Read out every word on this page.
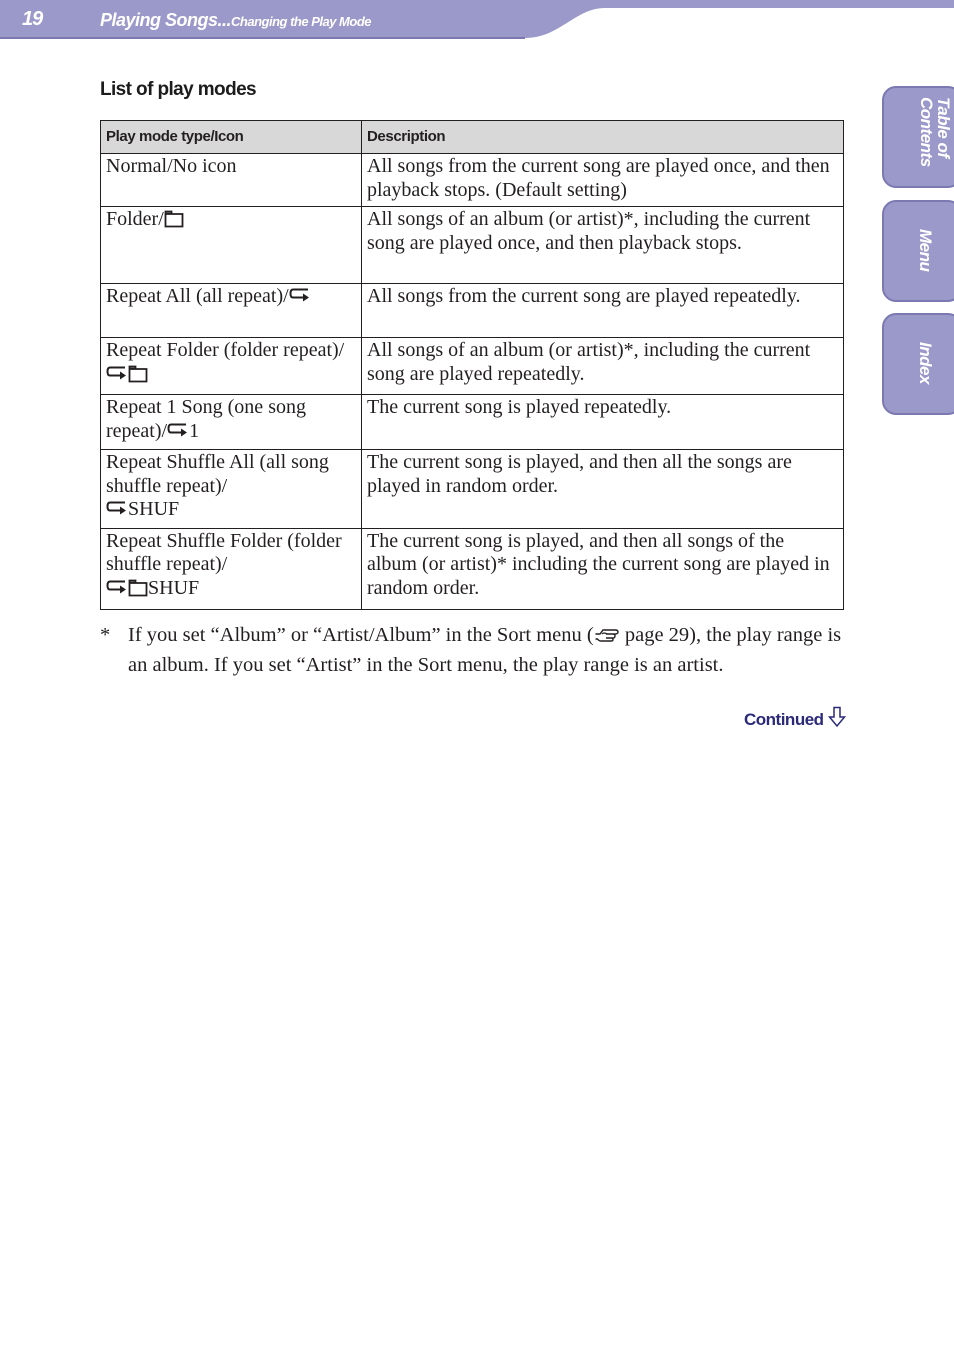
19	Playing Songs...Changing the Play Mode
Table of
Contents
Menu
Index
List of play modes
Play mode type/Icon	Description
Normal/No icon	All songs from the current song are played once, and then playback stops. (Default setting)
Folder/	All songs of an album (or artist)*, including the current song are played once, and then playback stops.
Repeat All (all repeat)/	All songs from the current song are played repeatedly.
Repeat Folder (folder repeat)/	All songs of an album (or artist)*, including the current song are played repeatedly.
Repeat 1 Song (one song repeat)/ 1	The current song is played repeatedly.
Repeat Shuffle All (all song shuffle repeat)/
SHUF	The current song is played, and then all the songs are played in random order.
Repeat Shuffle Folder (folder shuffle repeat)/
SHUF	The current song is played, and then all songs of the album (or artist)* including the current song are played in random order.
* If you set “Album” or “Artist/Album” in the Sort menu ( page 29), the play range is an album. If you set “Artist” in the Sort menu, the play range is an artist.
Continued
